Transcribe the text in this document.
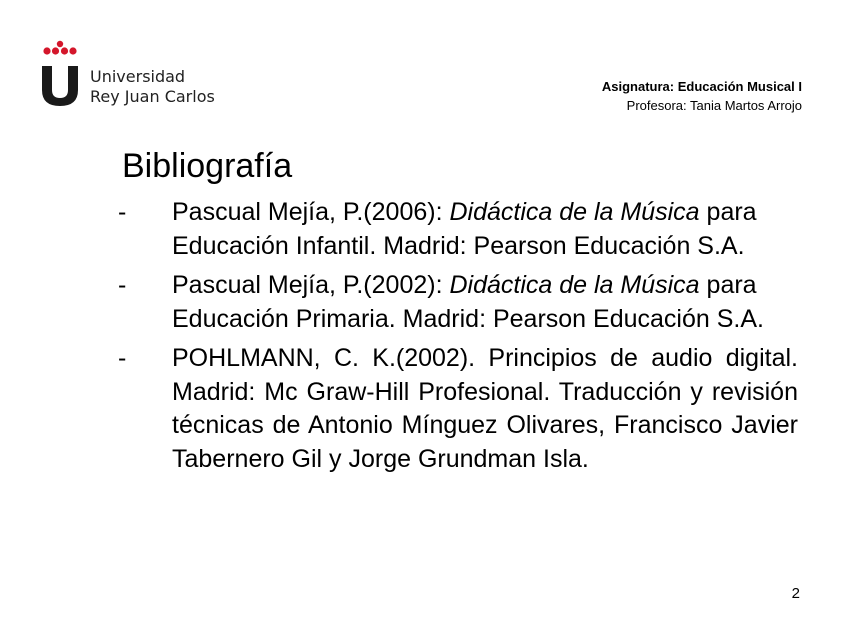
Universidad
Rey Juan Carlos
Asignatura: Educación Musical I
Profesora: Tania Martos Arrojo
Bibliografía
-	Pascual Mejía, P.(2006): Didáctica de la Música para Educación Infantil. Madrid: Pearson Educación S.A.
-	Pascual Mejía, P.(2002): Didáctica de la Música para Educación Primaria. Madrid: Pearson Educación S.A.
-	POHLMANN, C. K.(2002). Principios de audio digital. Madrid: Mc Graw-Hill Profesional. Traducción y revisión técnicas de Antonio Mínguez Olivares, Francisco Javier Tabernero Gil y Jorge Grundman Isla.
2
